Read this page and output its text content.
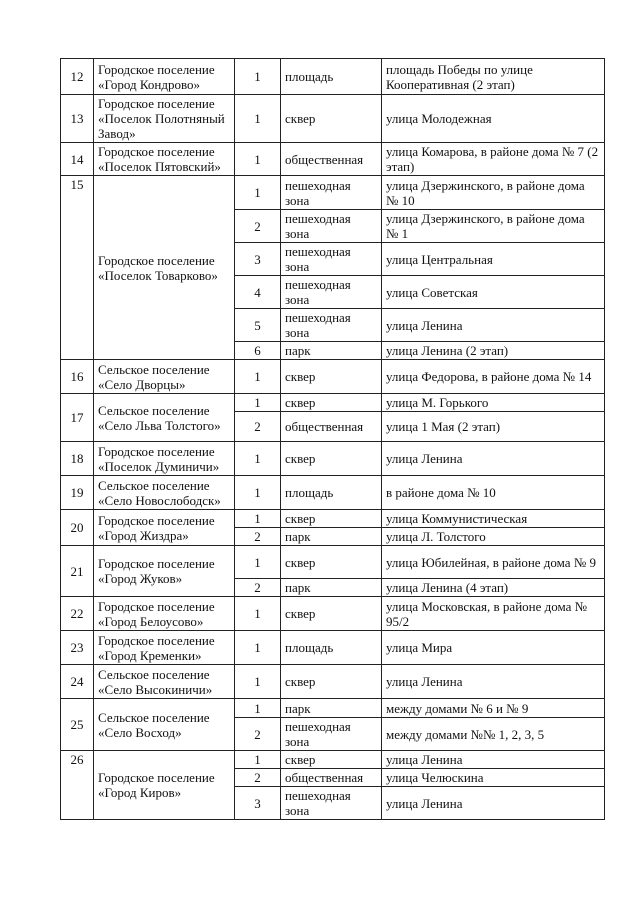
12	Городское поселение «Город Кондрово»	1	площадь	площадь Победы по улице Кооперативная (2 этап)
13	Городское поселение «Поселок Полотняный Завод»	1	сквер	улица Молодежная
14	Городское поселение «Поселок Пятовский»	1	общественная	улица Комарова, в районе дома № 7 (2 этап)
15	Городское поселение «Поселок Товарково»	1	пешеходная зона	улица Дзержинского, в районе дома № 10
		2	пешеходная зона	улица Дзержинского, в районе дома № 1
		3	пешеходная зона	улица Центральная
		4	пешеходная зона	улица Советская
		5	пешеходная зона	улица Ленина
		6	парк	улица Ленина (2 этап)
16	Сельское поселение «Село Дворцы»	1	сквер	улица Федорова, в районе дома № 14
17	Сельское поселение «Село Льва Толстого»	1	сквер	улица М. Горького
		2	общественная	улица 1 Мая (2 этап)
18	Городское поселение «Поселок Думиничи»	1	сквер	улица Ленина
19	Сельское поселение «Село Новослободск»	1	площадь	в районе дома № 10
20	Городское поселение «Город Жиздра»	1	сквер	улица Коммунистическая
		2	парк	улица Л. Толстого
21	Городское поселение «Город Жуков»	1	сквер	улица Юбилейная, в районе дома № 9
		2	парк	улица Ленина (4 этап)
22	Городское поселение «Город Белоусово»	1	сквер	улица Московская, в районе дома № 95/2
23	Городское поселение «Город Кременки»	1	площадь	улица Мира
24	Сельское поселение «Село Высокиничи»	1	сквер	улица Ленина
25	Сельское поселение «Село Восход»	1	парк	между домами № 6 и № 9
		2	пешеходная зона	между домами №№ 1, 2, 3, 5
26	Городское поселение «Город Киров»	1	сквер	улица Ленина
		2	общественная	улица Челюскина
		3	пешеходная зона	улица Ленина
